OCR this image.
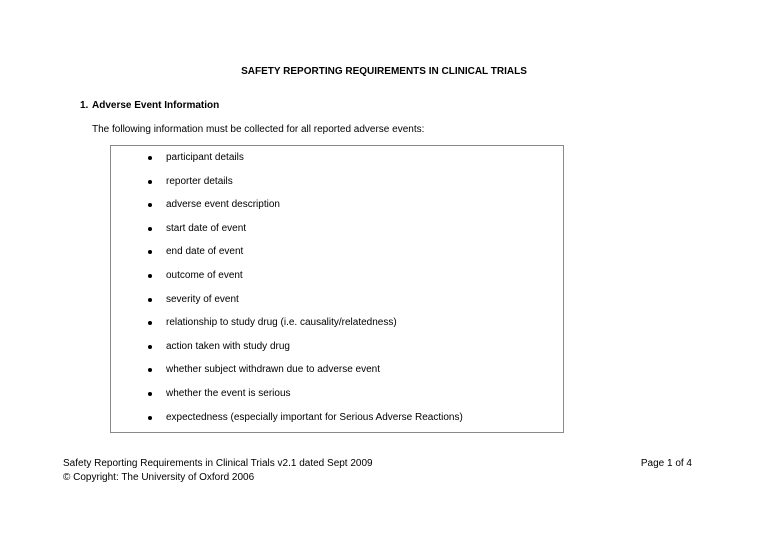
SAFETY REPORTING REQUIREMENTS IN CLINICAL TRIALS
1. Adverse Event Information
The following information must be collected for all reported adverse events:
participant details
reporter details
adverse event description
start date of event
end date of event
outcome of event
severity of event
relationship to study drug (i.e. causality/relatedness)
action taken with study drug
whether subject withdrawn due to adverse event
whether the event is serious
expectedness (especially important for Serious Adverse Reactions)
Safety Reporting Requirements in Clinical Trials v2.1 dated Sept 2009
© Copyright: The University of Oxford 2006
Page 1 of 4
